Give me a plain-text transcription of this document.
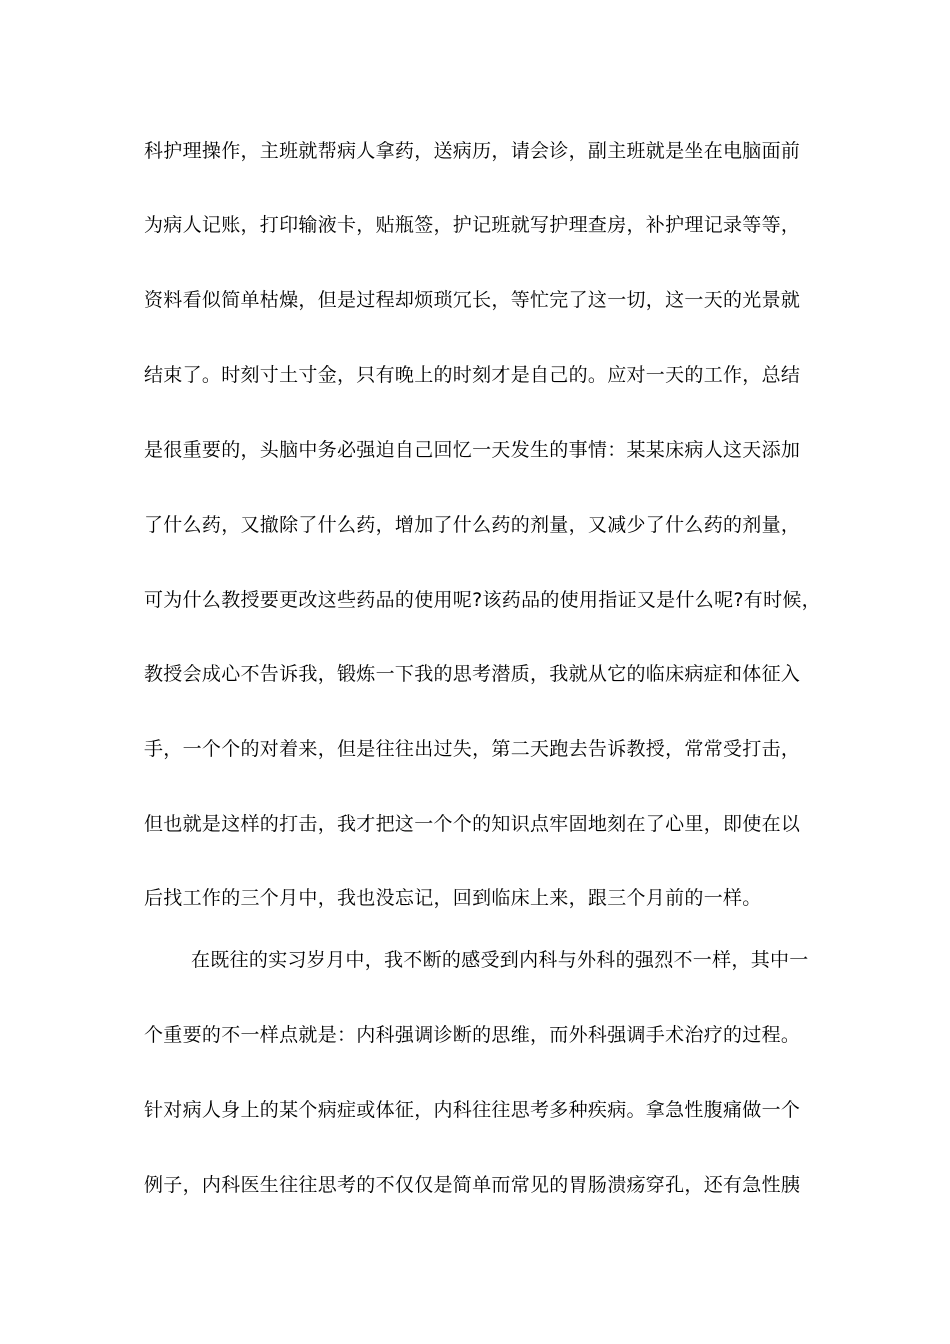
科护理操作，主班就帮病人拿药，送病历，请会诊，副主班就是坐在电脑面前
为病人记账，打印输液卡，贴瓶签，护记班就写护理查房，补护理记录等等，
资料看似简单枯燥，但是过程却烦琐冗长，等忙完了这一切，这一天的光景就
结束了。时刻寸土寸金，只有晚上的时刻才是自己的。应对一天的工作，总结
是很重要的，头脑中务必强迫自己回忆一天发生的事情：某某床病人这天添加
了什么药，又撤除了什么药，增加了什么药的剂量，又减少了什么药的剂量，
可为什么教授要更改这些药品的使用呢?该药品的使用指证又是什么呢?有时候，
教授会成心不告诉我，锻炼一下我的思考潜质，我就从它的临床病症和体征入
手，一个个的对着来，但是往往出过失，第二天跑去告诉教授，常常受打击，
但也就是这样的打击，我才把这一个个的知识点牢固地刻在了心里，即使在以
后找工作的三个月中，我也没忘记，回到临床上来，跟三个月前的一样。
在既往的实习岁月中，我不断的感受到内科与外科的强烈不一样，其中一
个重要的不一样点就是：内科强调诊断的思维，而外科强调手术治疗的过程。
针对病人身上的某个病症或体征，内科往往思考多种疾病。拿急性腹痛做一个
例子，内科医生往往思考的不仅仅是简单而常见的胃肠溃疡穿孔，还有急性胰
